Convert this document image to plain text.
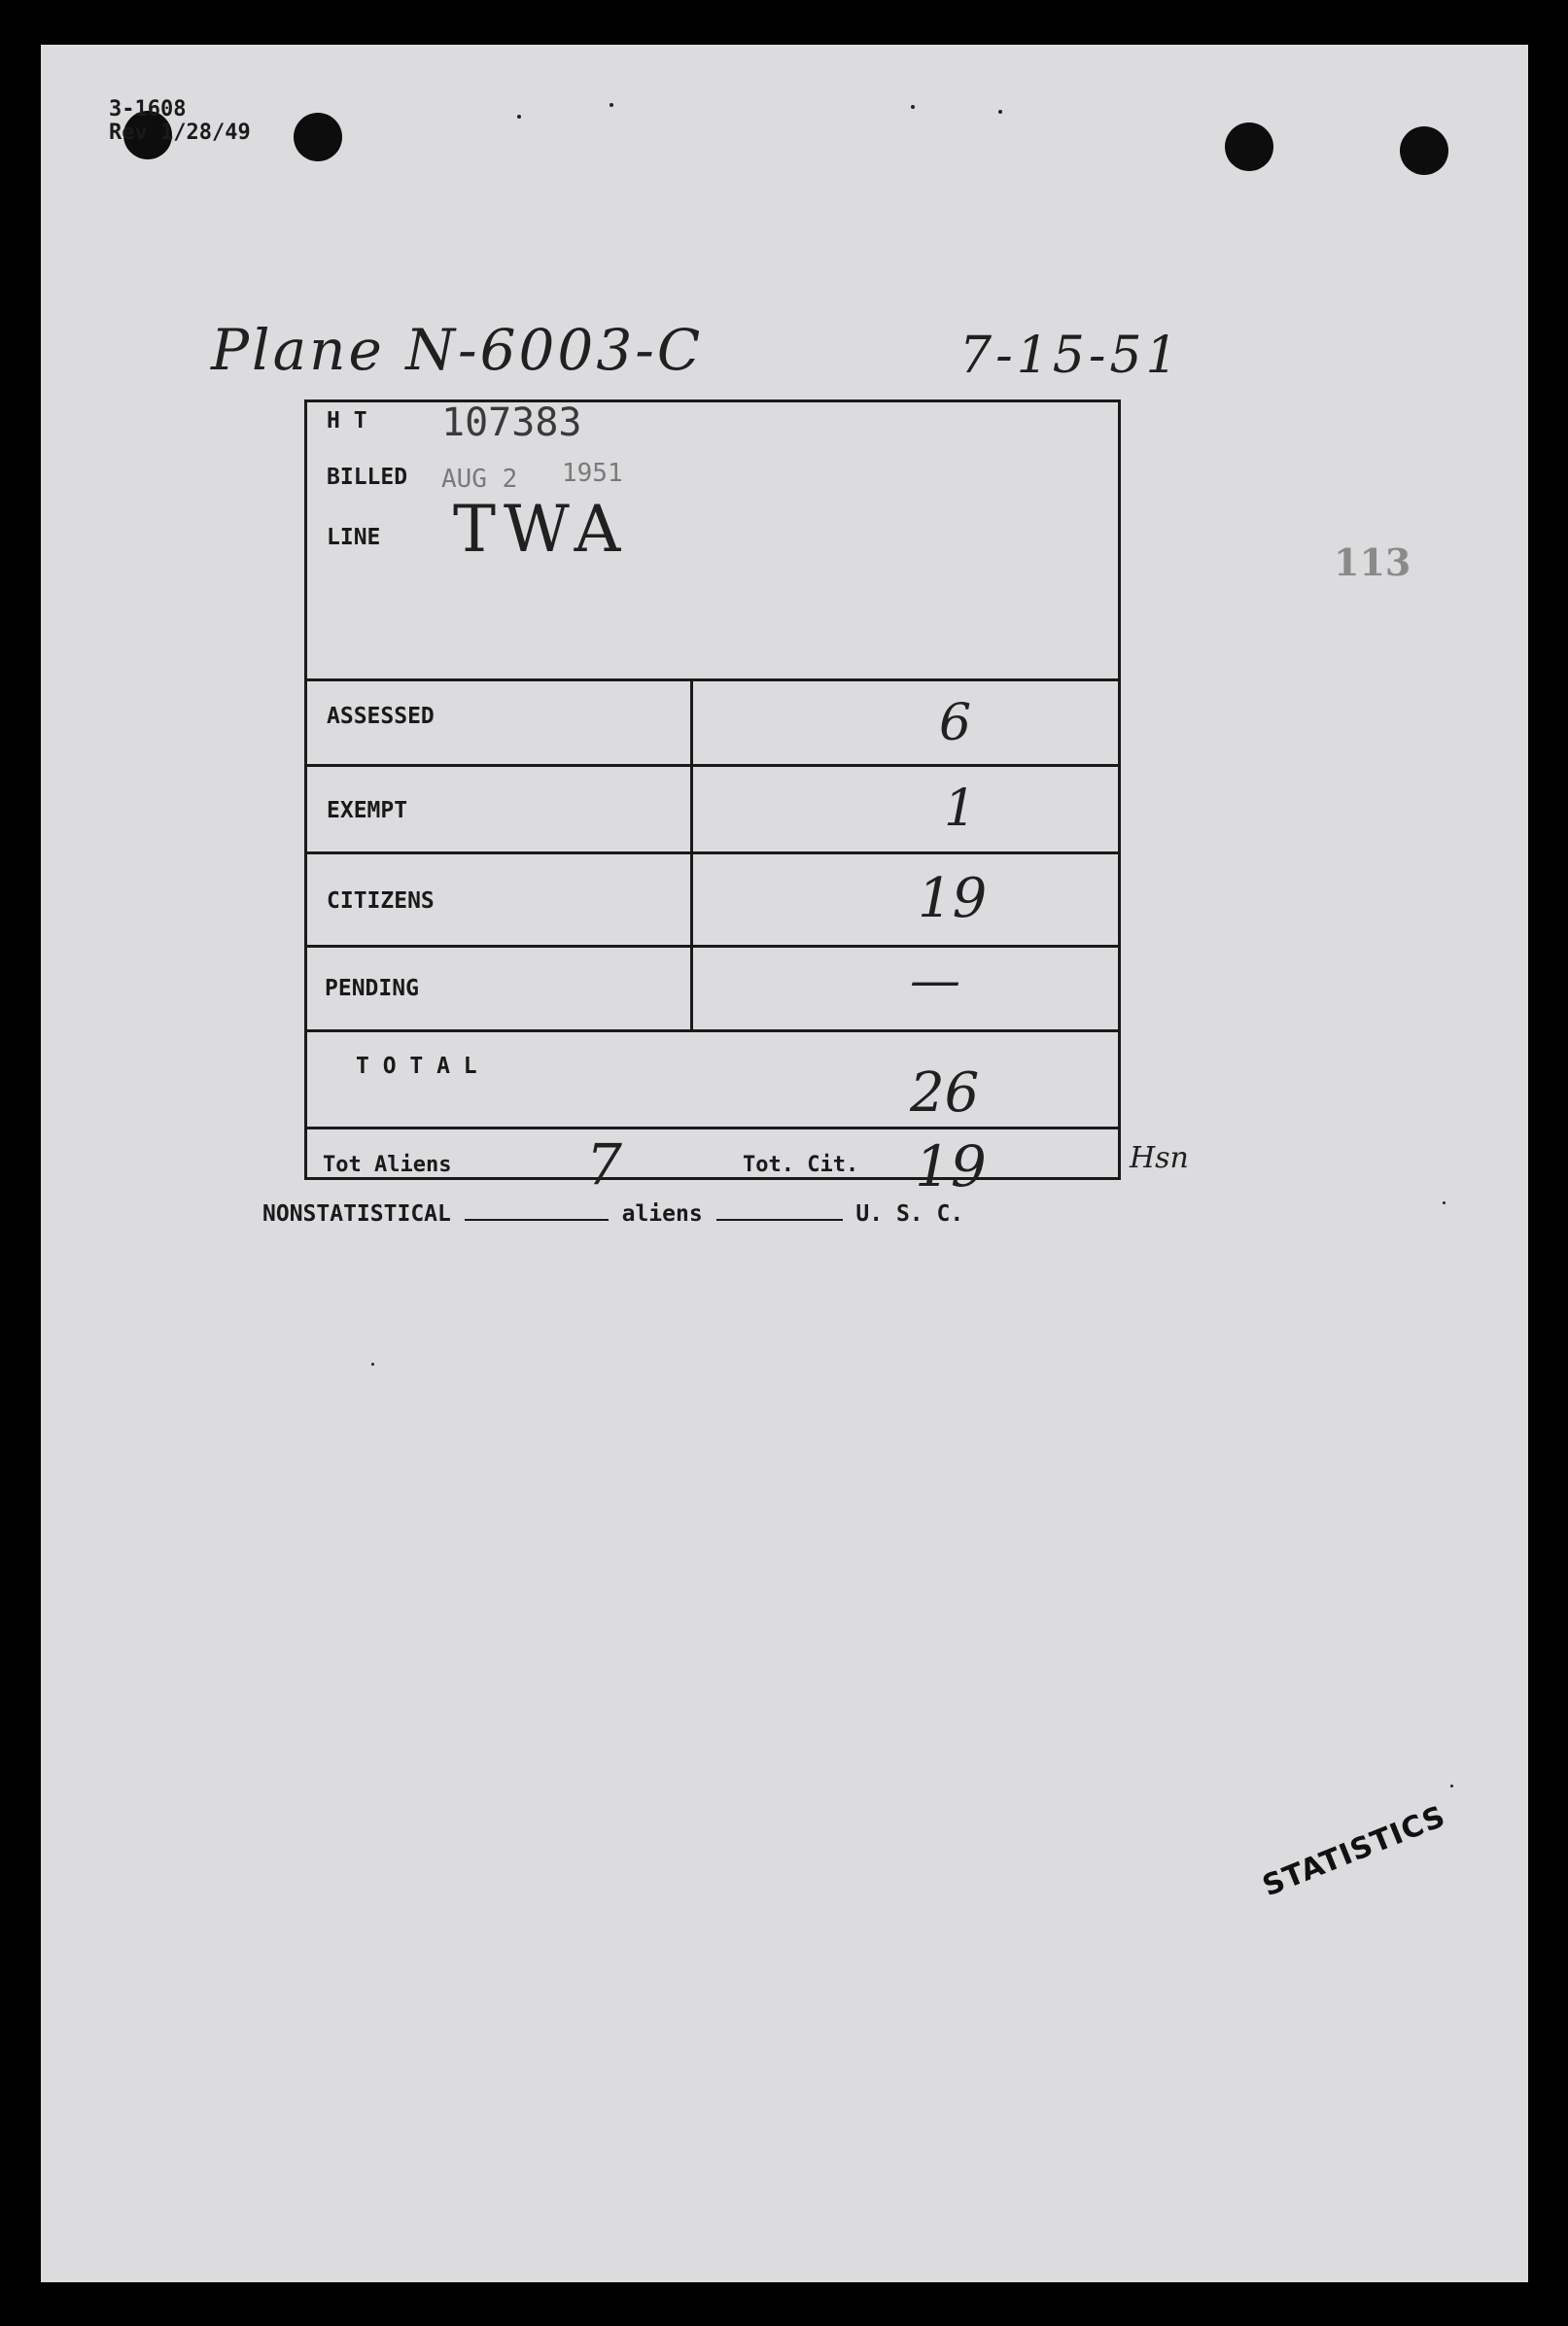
3-1608
Rev 1/28/49
Plane N-6003-C	7-15-51
113
H T 107383
BILLED AUG 2 1951
LINE TWA
ASSESSED	6
EXEMPT	1
CITIZENS	19
PENDING	—
T O T A L	26
Tot Aliens 7	Tot. Cit. 19	Hsn
NONSTATISTICAL	aliens	U. S. C.
STATISTICS
